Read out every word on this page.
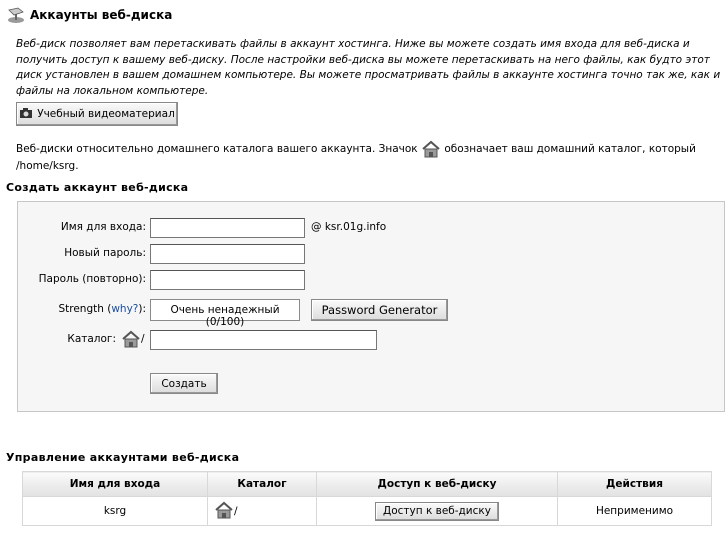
Аккаунты веб-диска
Веб-диск позволяет вам перетаскивать файлы в аккаунт хостинга. Ниже вы можете создать имя входа для веб-диска и получить доступ к вашему веб-диску. После настройки веб-диска вы можете перетаскивать на него файлы, как будто этот диск установлен в вашем домашнем компьютере. Вы можете просматривать файлы в аккаунте хостинга точно так же, как и файлы на локальном компьютере.
Учебный видеоматериал
Веб-диски относительно домашнего каталога вашего аккаунта. Значок	обозначает ваш домашний каталог, который /home/ksrg.
Создать аккаунт веб-диска
Имя для входа:	@ ksr.01g.info
Новый пароль:
Пароль (повторно):
Strength (why?):	Очень ненадежный
(0/100)
Password Generator
Каталог: /
Создать
Управление аккаунтами веб-диска
Имя для входа	Каталог	Доступ к веб-диску	Действия
ksrg	/	Доступ к веб-диску	Неприменимо
